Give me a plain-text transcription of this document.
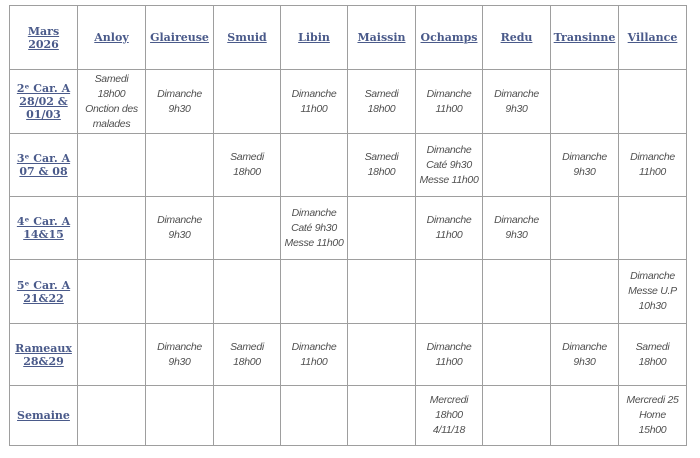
Mars
2026	Anloy	Glaireuse	Smuid	Libin	Maissin	Ochamps	Redu	Transinne	Villance
2ᵉ Car. A
28/02 &
01/03	Samedi
18h00
Onction des
malades	Dimanche
9h30		Dimanche
11h00	Samedi
18h00	Dimanche
11h00	Dimanche
9h30		
3ᵉ Car. A
07 & 08			Samedi
18h00		Samedi
18h00	Dimanche
Caté 9h30
Messe 11h00		Dimanche
9h30	Dimanche
11h00
4ᵉ Car. A
14&15		Dimanche
9h30		Dimanche
Caté 9h30
Messe 11h00		Dimanche
11h00	Dimanche
9h30		
5ᵉ Car. A
21&22									Dimanche
Messe U.P
10h30
Rameaux
28&29		Dimanche
9h30	Samedi
18h00	Dimanche
11h00		Dimanche
11h00		Dimanche
9h30	Samedi
18h00
Semaine						Mercredi
18h00
4/11/18			Mercredi 25
Home
15h00
